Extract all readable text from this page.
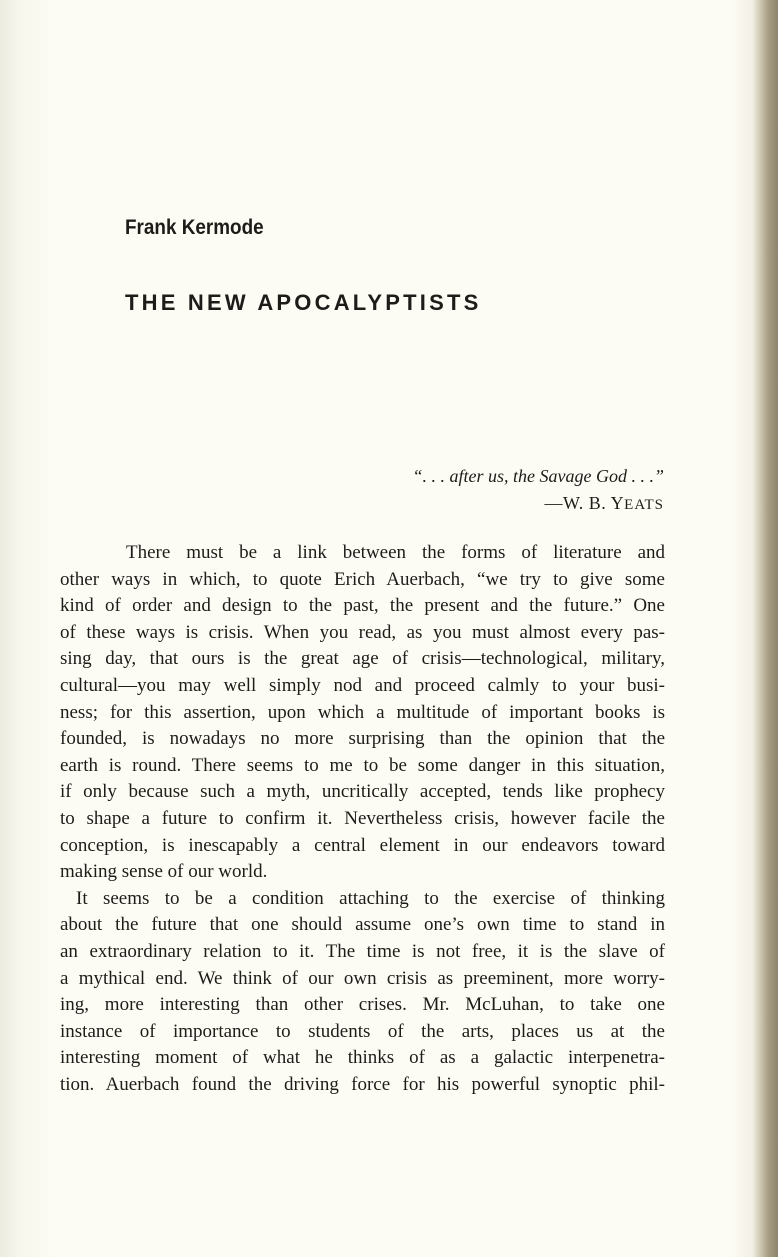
Frank Kermode
THE NEW APOCALYPTISTS
“. . . after us, the Savage God . . .”
—W. B. YEATS

There must be a link between the forms of literature and
other ways in which, to quote Erich Auerbach, “we try to give some
kind of order and design to the past, the present and the future.” One
of these ways is crisis. When you read, as you must almost every pas-
sing day, that ours is the great age of crisis—technological, military,
cultural—you may well simply nod and proceed calmly to your busi-
ness; for this assertion, upon which a multitude of important books is
founded, is nowadays no more surprising than the opinion that the
earth is round. There seems to me to be some danger in this situation,
if only because such a myth, uncritically accepted, tends like prophecy
to shape a future to confirm it. Nevertheless crisis, however facile the
conception, is inescapably a central element in our endeavors toward
making sense of our world.

It seems to be a condition attaching to the exercise of thinking
about the future that one should assume one’s own time to stand in
an extraordinary relation to it. The time is not free, it is the slave of
a mythical end. We think of our own crisis as preeminent, more worry-
ing, more interesting than other crises. Mr. McLuhan, to take one
instance of importance to students of the arts, places us at the
interesting moment of what he thinks of as a galactic interpenetra-
tion. Auerbach found the driving force for his powerful synoptic phil-
